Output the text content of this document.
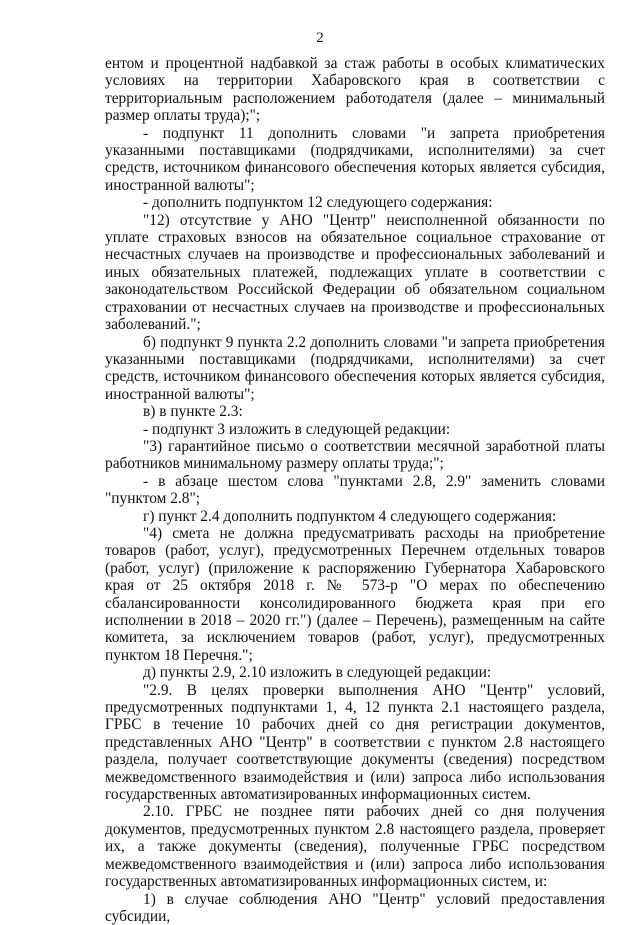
2

ентом и процентной надбавкой за стаж работы в особых климатических условиях на территории Хабаровского края в соответствии с территориальным расположением работодателя (далее – минимальный размер оплаты труда);";

- подпункт 11 дополнить словами "и запрета приобретения указанными поставщиками (подрядчиками, исполнителями) за счет средств, источником финансового обеспечения которых является субсидия, иностранной валюты";

- дополнить подпунктом 12 следующего содержания:

"12) отсутствие у АНО "Центр" неисполненной обязанности по уплате страховых взносов на обязательное социальное страхование от несчастных случаев на производстве и профессиональных заболеваний и иных обязательных платежей, подлежащих уплате в соответствии с законодательством Российской Федерации об обязательном социальном страховании от несчастных случаев на производстве и профессиональных заболеваний.";

б) подпункт 9 пункта 2.2 дополнить словами "и запрета приобретения указанными поставщиками (подрядчиками, исполнителями) за счет средств, источником финансового обеспечения которых является субсидия, иностранной валюты";

в) в пункте 2.3:

- подпункт 3 изложить в следующей редакции:

"3) гарантийное письмо о соответствии месячной заработной платы работников минимальному размеру оплаты труда;";

- в абзаце шестом слова "пунктами 2.8, 2.9" заменить словами "пунктом 2.8";

г) пункт 2.4 дополнить подпунктом 4 следующего содержания:

"4) смета не должна предусматривать расходы на приобретение товаров (работ, услуг), предусмотренных Перечнем отдельных товаров (работ, услуг) (приложение к распоряжению Губернатора Хабаровского края от 25 октября 2018 г. № 573-р "О мерах по обеспечению сбалансированности консолидированного бюджета края при его исполнении в 2018 – 2020 гг.") (далее – Перечень), размещенным на сайте комитета, за исключением товаров (работ, услуг), предусмотренных пунктом 18 Перечня.";

д) пункты 2.9, 2.10 изложить в следующей редакции:

"2.9. В целях проверки выполнения АНО "Центр" условий, предусмотренных подпунктами 1, 4, 12 пункта 2.1 настоящего раздела, ГРБС в течение 10 рабочих дней со дня регистрации документов, представленных АНО "Центр" в соответствии с пунктом 2.8 настоящего раздела, получает соответствующие документы (сведения) посредством межведомственного взаимодействия и (или) запроса либо использования государственных автоматизированных информационных систем.

2.10. ГРБС не позднее пяти рабочих дней со дня получения документов, предусмотренных пунктом 2.8 настоящего раздела, проверяет их, а также документы (сведения), полученные ГРБС посредством межведомственного взаимодействия и (или) запроса либо использования государственных автоматизированных информационных систем, и:

1) в случае соблюдения АНО "Центр" условий предоставления субсидии,
